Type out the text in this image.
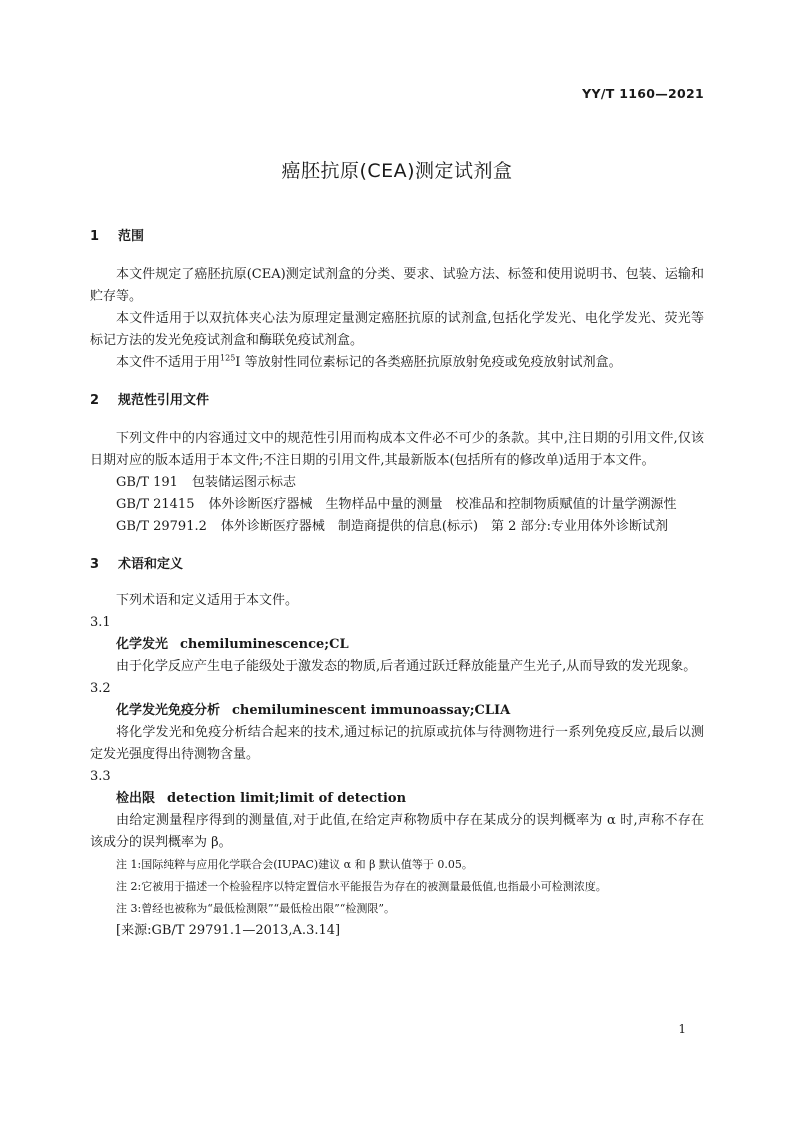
YY/T 1160—2021
癌胚抗原(CEA)测定试剂盒

1 范围

本文件规定了癌胚抗原(CEA)测定试剂盒的分类、要求、试验方法、标签和使用说明书、包装、运输和贮存等。

本文件适用于以双抗体夹心法为原理定量测定癌胚抗原的试剂盒,包括化学发光、电化学发光、荧光等标记方法的发光免疫试剂盒和酶联免疫试剂盒。

本文件不适用于用$^{125}$I 等放射性同位素标记的各类癌胚抗原放射免疫或免疫放射试剂盒。

2 规范性引用文件

下列文件中的内容通过文中的规范性引用而构成本文件必不可少的条款。其中,注日期的引用文件,仅该日期对应的版本适用于本文件;不注日期的引用文件,其最新版本(包括所有的修改单)适用于本文件。

GB/T 191 包装储运图示标志

GB/T 21415 体外诊断医疗器械　生物样品中量的测量　校准品和控制物质赋值的计量学溯源性

GB/T 29791.2 体外诊断医疗器械　制造商提供的信息(标示)　第 2 部分:专业用体外诊断试剂

3 术语和定义

下列术语和定义适用于本文件。

3.1

化学发光 chemiluminescence;CL

由于化学反应产生电子能级处于激发态的物质,后者通过跃迁释放能量产生光子,从而导致的发光现象。

3.2

化学发光免疫分析 chemiluminescent immunoassay;CLIA

将化学发光和免疫分析结合起来的技术,通过标记的抗原或抗体与待测物进行一系列免疫反应,最后以测定发光强度得出待测物含量。

3.3

检出限 detection limit;limit of detection

由给定测量程序得到的测量值,对于此值,在给定声称物质中存在某成分的误判概率为 α 时,声称不存在该成分的误判概率为 β。

注 1:国际纯粹与应用化学联合会(IUPAC)建议 α 和 β 默认值等于 0.05。

注 2:它被用于描述一个检验程序以特定置信水平能报告为存在的被测量最低值,也指最小可检测浓度。

注 3:曾经也被称为“最低检测限”“最低检出限”“检测限”。

[来源:GB/T 29791.1—2013,A.3.14]

1
